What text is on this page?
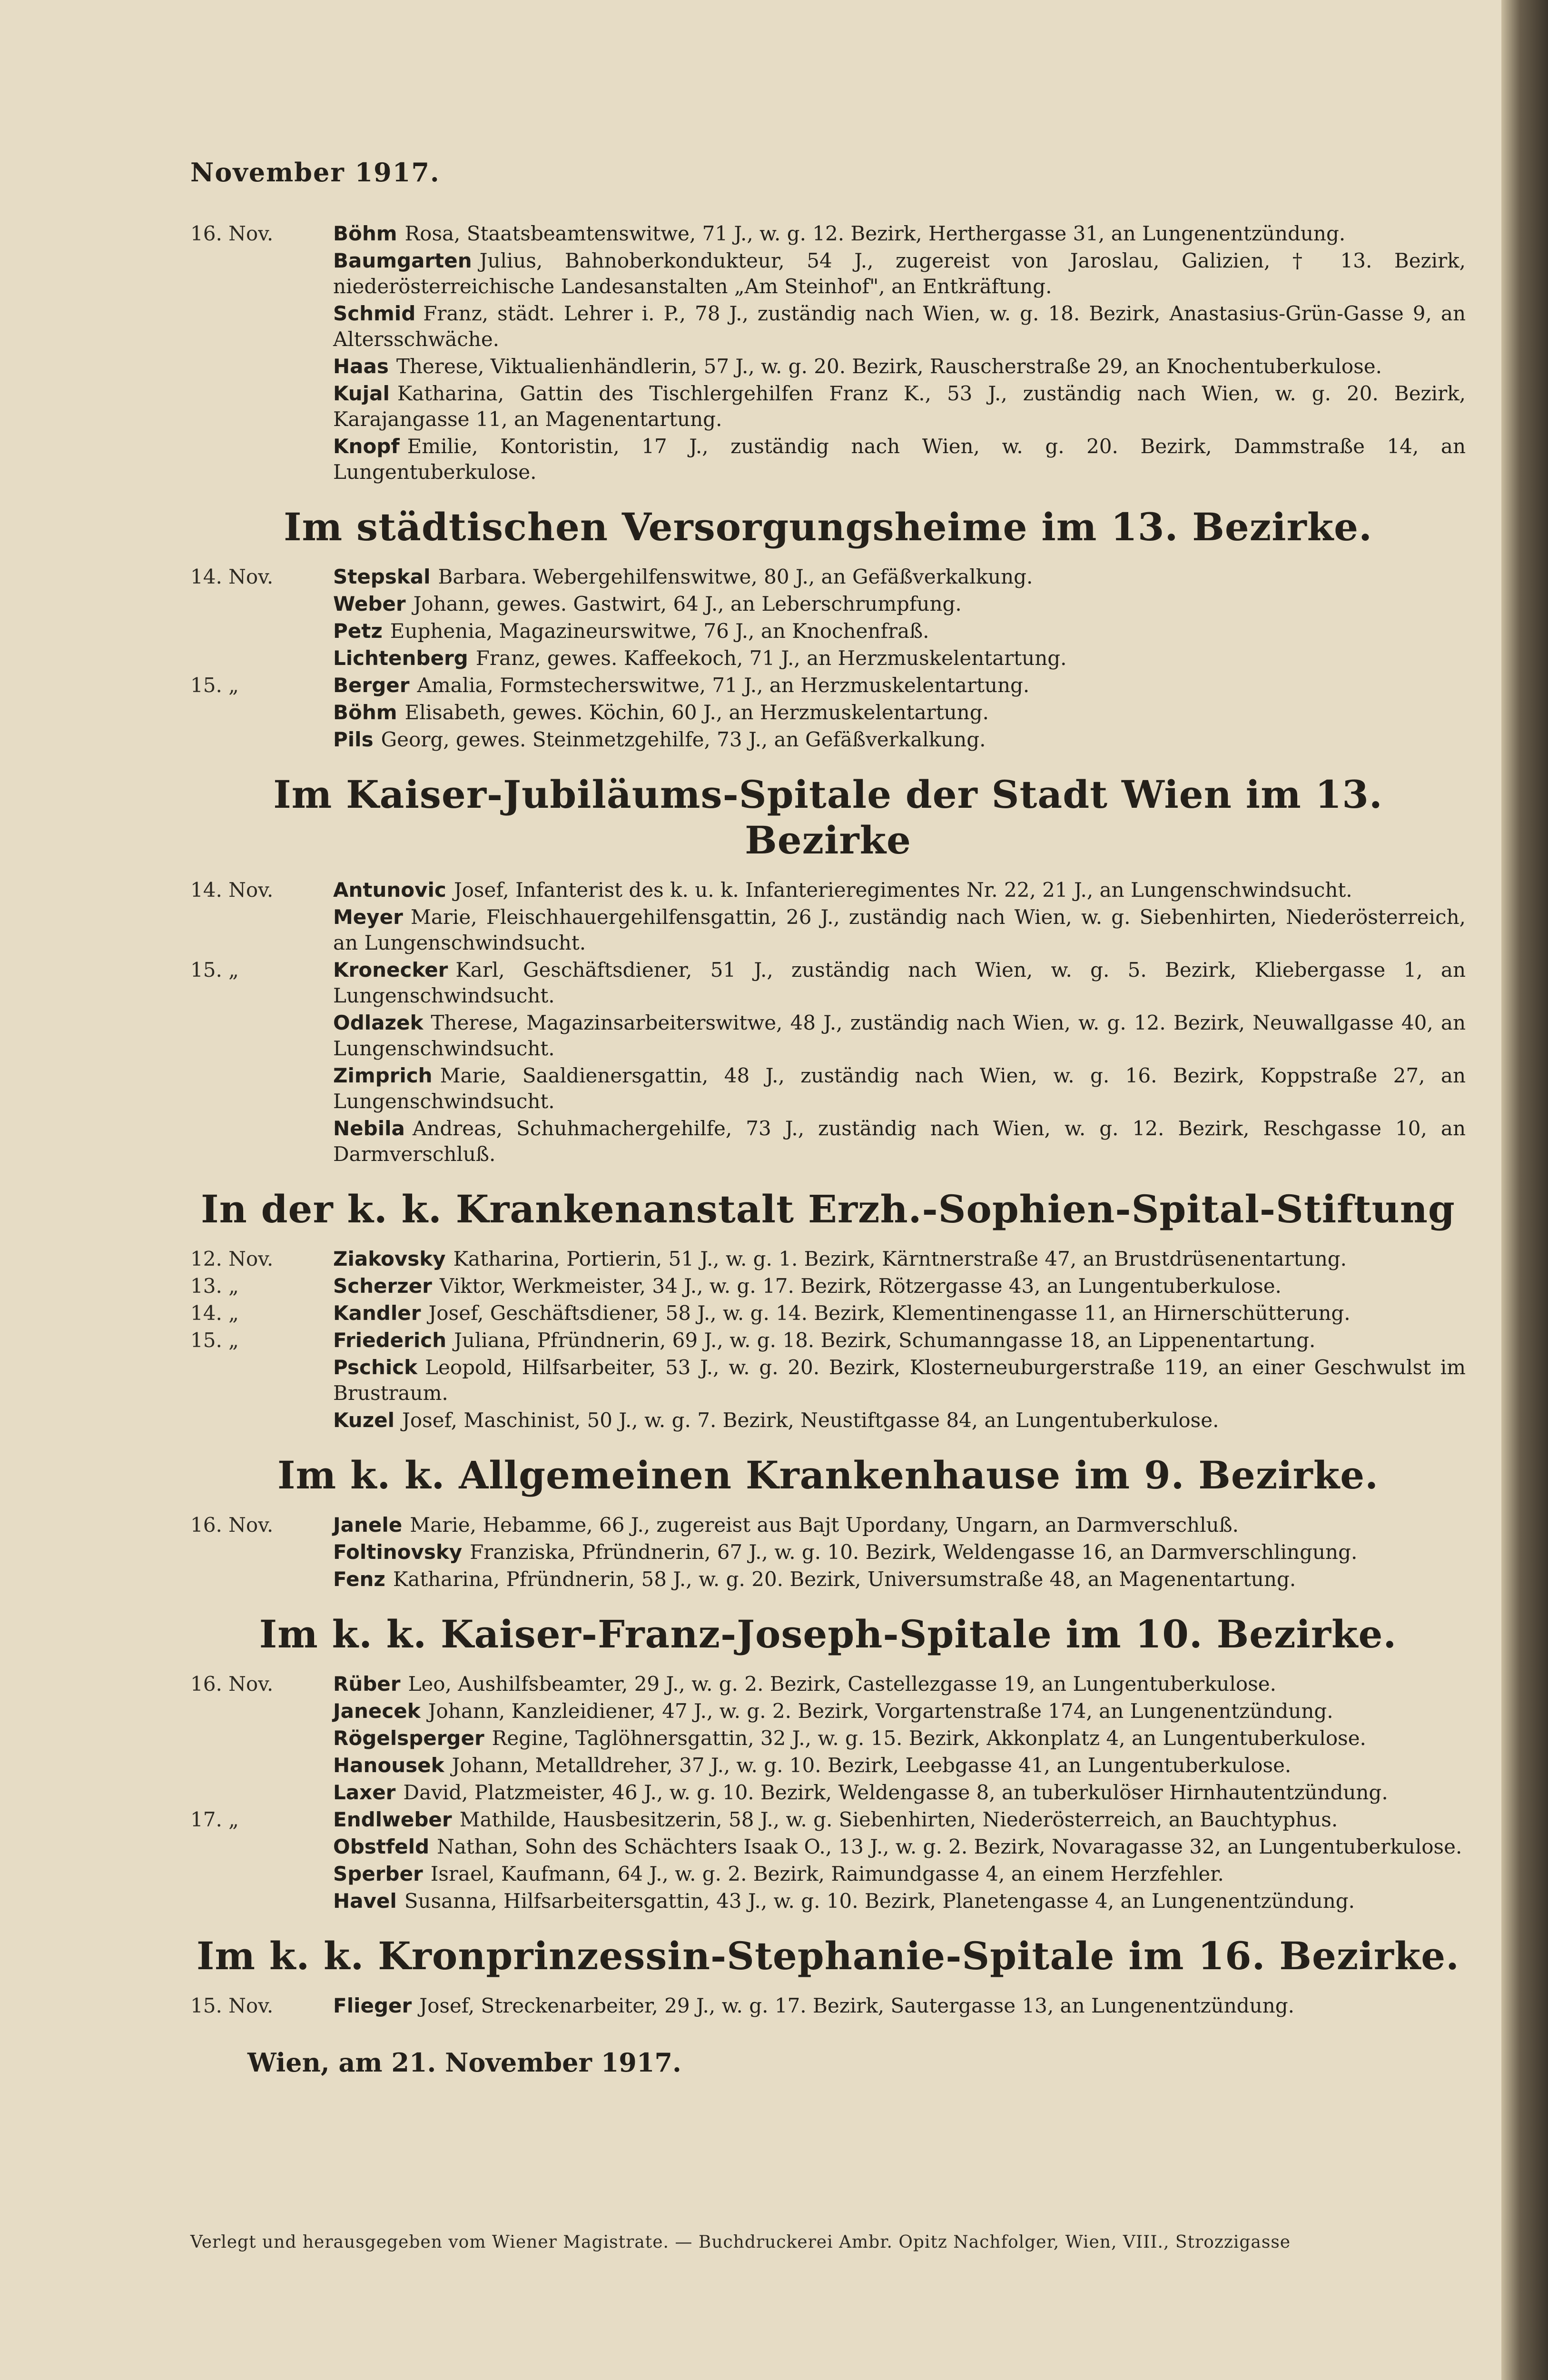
November 1917.
16. Nov.	Böhm Rosa, Staatsbeamtenswitwe, 71 J., w. g. 12. Bezirk, Herthergasse 31, an Lungenentzündung.
Baumgarten Julius, Bahnoberkondukteur, 54 J., zugereist von Jaroslau, Galizien, † 13. Bezirk, niederösterreichische Landesanstalten „Am Steinhof", an Entkräftung.
Schmid Franz, städt. Lehrer i. P., 78 J., zuständig nach Wien, w. g. 18. Bezirk, Anastasius-Grün-Gasse 9, an Altersschwäche.
Haas Therese, Viktualienhändlerin, 57 J., w. g. 20. Bezirk, Rauscherstraße 29, an Knochentuberkulose.
Kujal Katharina, Gattin des Tischlergehilfen Franz K., 53 J., zuständig nach Wien, w. g. 20. Bezirk, Karajangasse 11, an Magenentartung.
Knopf Emilie, Kontoristin, 17 J., zuständig nach Wien, w. g. 20. Bezirk, Dammstraße 14, an Lungentuberkulose.
Im städtischen Versorgungsheime im 13. Bezirke.
14. Nov.	Stepskal Barbara. Webergehilfenswitwe, 80 J., an Gefäßverkalkung.
Weber Johann, gewes. Gastwirt, 64 J., an Leberschrumpfung.
Petz Euphenia, Magazineurswitwe, 76 J., an Knochenfraß.
Lichtenberg Franz, gewes. Kaffeekoch, 71 J., an Herzmuskelentartung.
15. „	Berger Amalia, Formstecherswitwe, 71 J., an Herzmuskelentartung.
Böhm Elisabeth, gewes. Köchin, 60 J., an Herzmuskelentartung.
Pils Georg, gewes. Steinmetzgehilfe, 73 J., an Gefäßverkalkung.
Im Kaiser-Jubiläums-Spitale der Stadt Wien im 13. Bezirke
14. Nov.	Antunovic Josef, Infanterist des k. u. k. Infanterieregimentes Nr. 22, 21 J., an Lungenschwindsucht.
Meyer Marie, Fleischhauergehilfensgattin, 26 J., zuständig nach Wien, w. g. Siebenhirten, Niederösterreich, an Lungenschwindsucht.
15. „	Kronecker Karl, Geschäftsdiener, 51 J., zuständig nach Wien, w. g. 5. Bezirk, Kliebergasse 1, an Lungenschwindsucht.
Odlazek Therese, Magazinsarbeiterswitwe, 48 J., zuständig nach Wien, w. g. 12. Bezirk, Neuwallgasse 40, an Lungenschwindsucht.
Zimprich Marie, Saaldienersgattin, 48 J., zuständig nach Wien, w. g. 16. Bezirk, Koppstraße 27, an Lungenschwindsucht.
Nebila Andreas, Schuhmachergehilfe, 73 J., zuständig nach Wien, w. g. 12. Bezirk, Reschgasse 10, an Darmverschluß.
In der k. k. Krankenanstalt Erzh.-Sophien-Spital-Stiftung
12. Nov.	Ziakovsky Katharina, Portierin, 51 J., w. g. 1. Bezirk, Kärntnerstraße 47, an Brustdrüsenentartung.
13. „	Scherzer Viktor, Werkmeister, 34 J., w. g. 17. Bezirk, Rötzergasse 43, an Lungentuberkulose.
14. „	Kandler Josef, Geschäftsdiener, 58 J., w. g. 14. Bezirk, Klementinengasse 11, an Hirnerschütterung.
15. „	Friederich Juliana, Pfründnerin, 69 J., w. g. 18. Bezirk, Schumanngasse 18, an Lippenentartung.
Pschick Leopold, Hilfsarbeiter, 53 J., w. g. 20. Bezirk, Klosterneuburgerstraße 119, an einer Geschwulst im Brustraum.
Kuzel Josef, Maschinist, 50 J., w. g. 7. Bezirk, Neustiftgasse 84, an Lungentuberkulose.
Im k. k. Allgemeinen Krankenhause im 9. Bezirke.
16. Nov.	Janele Marie, Hebamme, 66 J., zugereist aus Bajt Upordany, Ungarn, an Darmverschluß.
Foltinovsky Franziska, Pfründnerin, 67 J., w. g. 10. Bezirk, Weldengasse 16, an Darmverschlingung.
Fenz Katharina, Pfründnerin, 58 J., w. g. 20. Bezirk, Universumstraße 48, an Magenentartung.
Im k. k. Kaiser-Franz-Joseph-Spitale im 10. Bezirke.
16. Nov.	Rüber Leo, Aushilfsbeamter, 29 J., w. g. 2. Bezirk, Castellezgasse 19, an Lungentuberkulose.
Janecek Johann, Kanzleidiener, 47 J., w. g. 2. Bezirk, Vorgartenstraße 174, an Lungenentzündung.
Rögelsperger Regine, Taglöhnersgattin, 32 J., w. g. 15. Bezirk, Akkonplatz 4, an Lungentuberkulose.
Hanousek Johann, Metalldreher, 37 J., w. g. 10. Bezirk, Leebgasse 41, an Lungentuberkulose.
Laxer David, Platzmeister, 46 J., w. g. 10. Bezirk, Weldengasse 8, an tuberkulöser Hirnhautentzündung.
17. „	Endlweber Mathilde, Hausbesitzerin, 58 J., w. g. Siebenhirten, Niederösterreich, an Bauchtyphus.
Obstfeld Nathan, Sohn des Schächters Isaak O., 13 J., w. g. 2. Bezirk, Novaragasse 32, an Lungentuberkulose.
Sperber Israel, Kaufmann, 64 J., w. g. 2. Bezirk, Raimundgasse 4, an einem Herzfehler.
Havel Susanna, Hilfsarbeitersgattin, 43 J., w. g. 10. Bezirk, Planetengasse 4, an Lungenentzündung.
Im k. k. Kronprinzessin-Stephanie-Spitale im 16. Bezirke.
15. Nov.	Flieger Josef, Streckenarbeiter, 29 J., w. g. 17. Bezirk, Sautergasse 13, an Lungenentzündung.
Wien, am 21. November 1917.
Verlegt und herausgegeben vom Wiener Magistrate. — Buchdruckerei Ambr. Opitz Nachfolger, Wien, VIII., Strozzigasse
